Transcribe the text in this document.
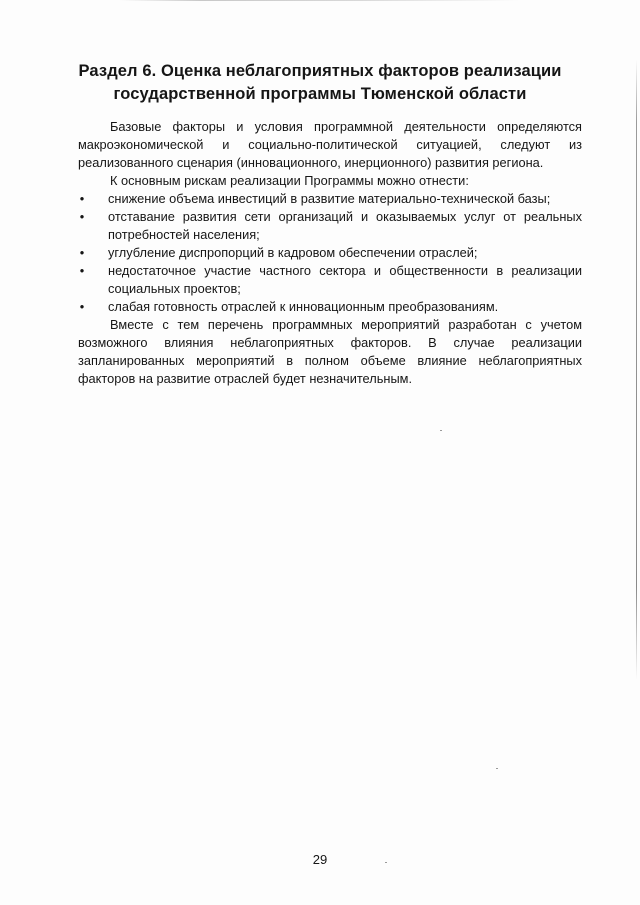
Раздел 6. Оценка неблагоприятных факторов реализации
государственной программы Тюменской области

Базовые факторы и условия программной деятельности определяются макроэкономической и социально-политической ситуацией, следуют из реализованного сценария (инновационного, инерционного) развития региона.

К основным рискам реализации Программы можно отнести:

• снижение объема инвестиций в развитие материально-технической базы;
• отставание развития сети организаций и оказываемых услуг от реальных потребностей населения;
• углубление диспропорций в кадровом обеспечении отраслей;
• недостаточное участие частного сектора и общественности в реализации социальных проектов;
• слабая готовность отраслей к инновационным преобразованиям.

Вместе с тем перечень программных мероприятий разработан с учетом возможного влияния неблагоприятных факторов. В случае реализации запланированных мероприятий в полном объеме влияние неблагоприятных факторов на развитие отраслей будет незначительным.

29
